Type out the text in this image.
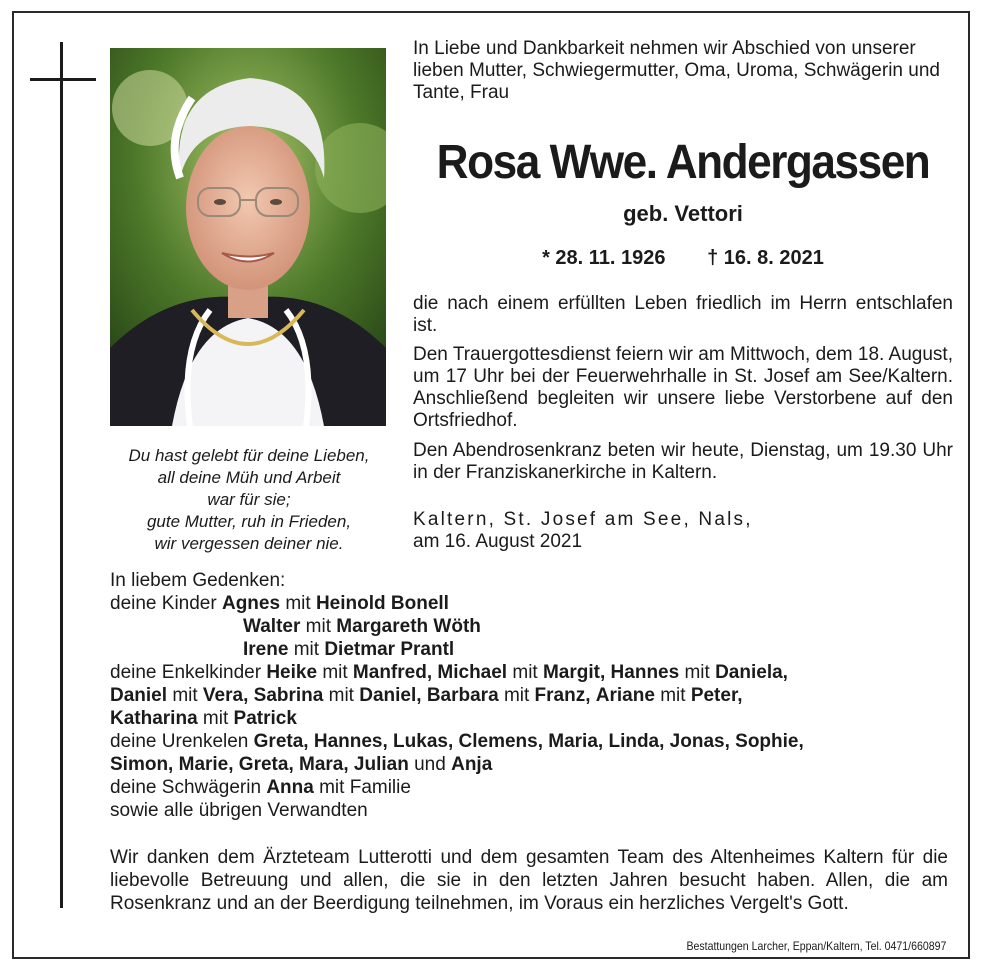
Du hast gelebt für deine Lieben,
all deine Müh und Arbeit
war für sie;
gute Mutter, ruh in Frieden,
wir vergessen deiner nie.
In Liebe und Dankbarkeit nehmen wir Abschied von unserer lieben Mutter, Schwiegermutter, Oma, Uroma, Schwägerin und Tante, Frau
Rosa Wwe. Andergassen
geb. Vettori
* 28. 11. 1926 † 16. 8. 2021
die nach einem erfüllten Leben friedlich im Herrn entschlafen ist.
Den Trauergottesdienst feiern wir am Mittwoch, dem 18. August, um 17 Uhr bei der Feuerwehrhalle in St. Josef am See/Kaltern. Anschließend begleiten wir unsere liebe Verstorbene auf den Ortsfriedhof.
Den Abendrosenkranz beten wir heute, Dienstag, um 19.30 Uhr in der Franziskanerkirche in Kaltern.
Kaltern, St. Josef am See, Nals,
am 16. August 2021
In liebem Gedenken:
deine Kinder Agnes mit Heinold Bonell
Walter mit Margareth Wöth
Irene mit Dietmar Prantl
deine Enkelkinder Heike mit Manfred, Michael mit Margit, Hannes mit Daniela,
Daniel mit Vera, Sabrina mit Daniel, Barbara mit Franz, Ariane mit Peter,
Katharina mit Patrick
deine Urenkelen Greta, Hannes, Lukas, Clemens, Maria, Linda, Jonas, Sophie,
Simon, Marie, Greta, Mara, Julian und Anja
deine Schwägerin Anna mit Familie
sowie alle übrigen Verwandten
Wir danken dem Ärzteteam Lutterotti und dem gesamten Team des Altenheimes Kaltern für die liebevolle Betreuung und allen, die sie in den letzten Jahren besucht haben. Allen, die am Rosenkranz und an der Beerdigung teilnehmen, im Voraus ein herzliches Vergelt's Gott.
Bestattungen Larcher, Eppan/Kaltern, Tel. 0471/660897
